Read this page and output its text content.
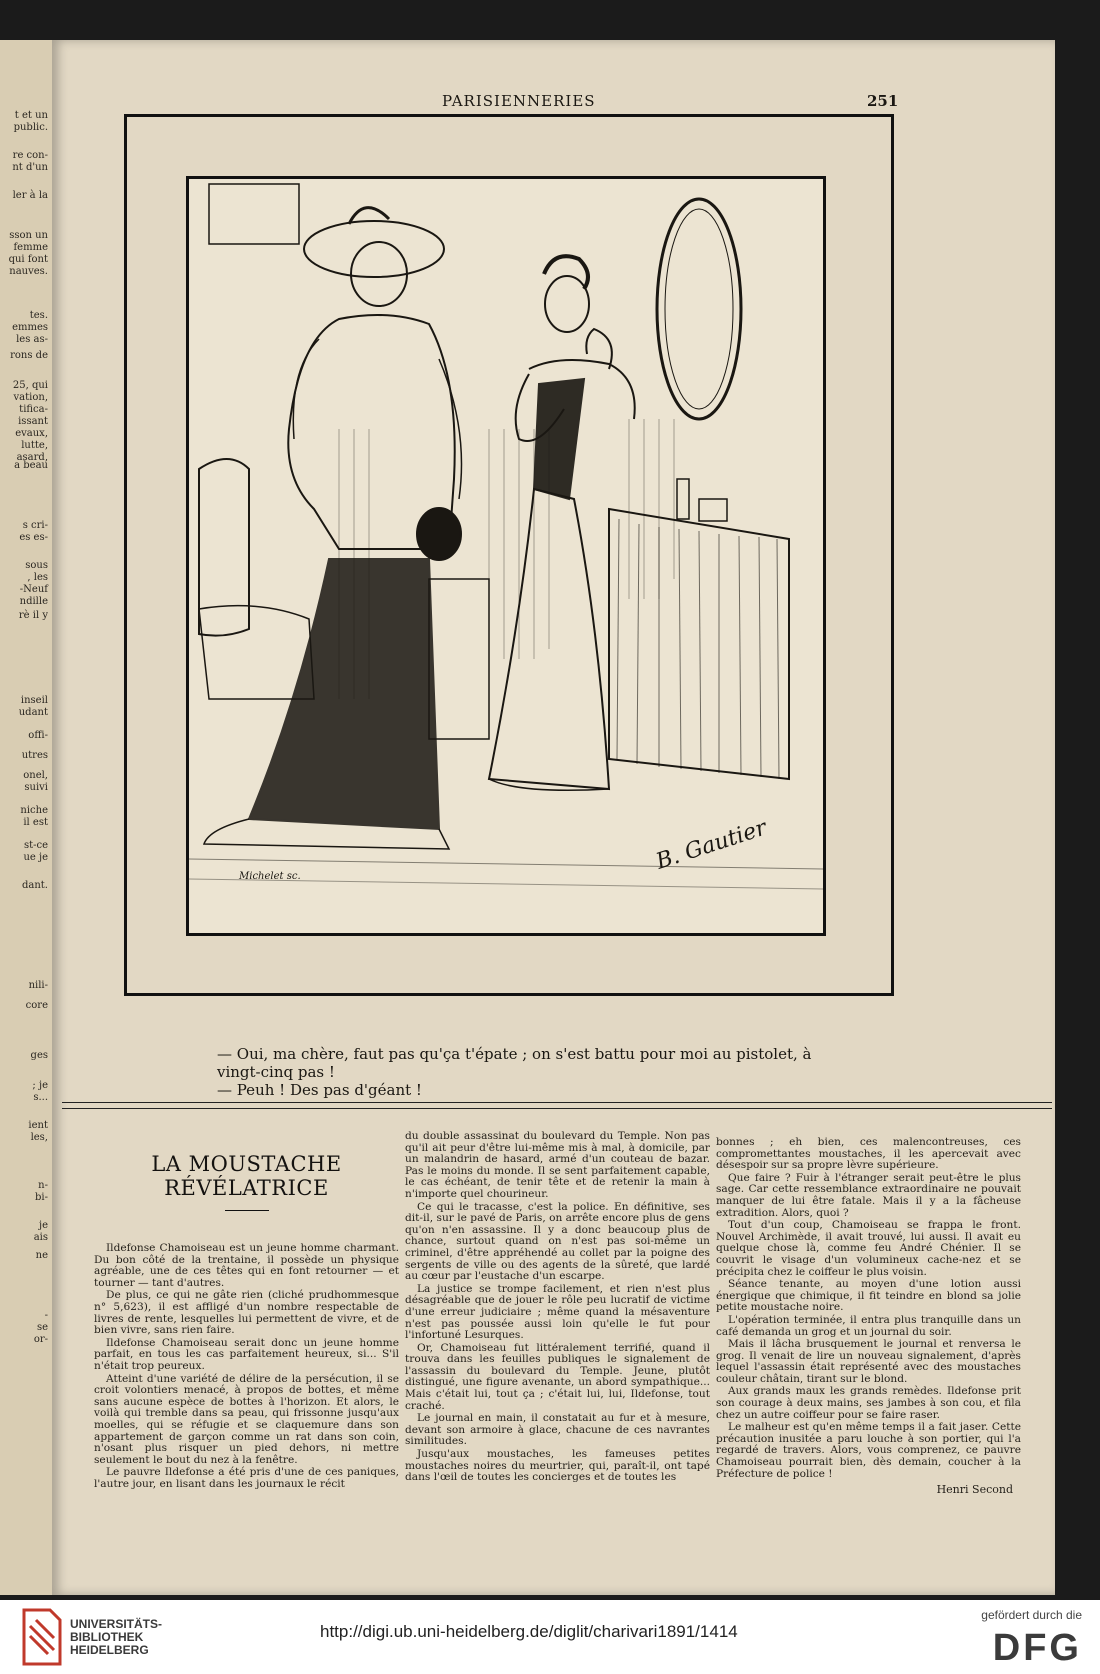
t et un
public.
re con-
nt d'un
ler à la
sson un
femme
qui font
nauves.
tes.
emmes
les as-
rons de
25, qui
vation,
tifica-
issant
evaux,
lutte,
asard,
a beau
s cri-
es es-
sous
, les
-Neuf
ndille
rè il y
inseil
udant
offi-
utres
onel,
suivi
niche
il est
st-ce
ue je
dant.
nili-
core
ges
; je
s...
ient
les,
n-
bi-
je
ais
ne
-
se
or-
PARISIENNERIES	251
Michelet sc.
B. Gautier

— Oui, ma chère, faut pas qu'ça t'épate ; on s'est battu pour moi au pistolet, à vingt-cinq pas !

— Peuh ! Des pas d'géant !

LA MOUSTACHE RÉVÉLATRICE

Ildefonse Chamoiseau est un jeune homme charmant. Du bon côté de la trentaine, il possède un physique agréable, une de ces têtes qui en font retourner — et tourner — tant d'autres.

De plus, ce qui ne gâte rien (cliché prudhommesque n° 5,623), il est affligé d'un nombre respectable de livres de rente, lesquelles lui permettent de vivre, et de bien vivre, sans rien faire.

Ildefonse Chamoiseau serait donc un jeune homme parfait, en tous les cas parfaitement heureux, si... S'il n'était trop peureux.

Atteint d'une variété de délire de la persécution, il se croit volontiers menacé, à propos de bottes, et même sans aucune espèce de bottes à l'horizon. Et alors, le voilà qui tremble dans sa peau, qui frissonne jusqu'aux moelles, qui se réfugie et se claquemure dans son appartement de garçon comme un rat dans son coin, n'osant plus risquer un pied dehors, ni mettre seulement le bout du nez à la fenêtre.

Le pauvre Ildefonse a été pris d'une de ces paniques, l'autre jour, en lisant dans les journaux le récit

du double assassinat du boulevard du Temple. Non pas qu'il ait peur d'être lui-même mis à mal, à domicile, par un malandrin de hasard, armé d'un couteau de bazar. Pas le moins du monde. Il se sent parfaitement capable, le cas échéant, de tenir tête et de retenir la main à n'importe quel chourineur.

Ce qui le tracasse, c'est la police. En définitive, ses dit-il, sur le pavé de Paris, on arrête encore plus de gens qu'on n'en assassine. Il y a donc beaucoup plus de chance, surtout quand on n'est pas soi-même un criminel, d'être appréhendé au collet par la poigne des sergents de ville ou des agents de la sûreté, que lardé au cœur par l'eustache d'un escarpe.

La justice se trompe facilement, et rien n'est plus désagréable que de jouer le rôle peu lucratif de victime d'une erreur judiciaire ; même quand la mésaventure n'est pas poussée aussi loin qu'elle le fut pour l'infortuné Lesurques.

Or, Chamoiseau fut littéralement terrifié, quand il trouva dans les feuilles publiques le signalement de l'assassin du boulevard du Temple. Jeune, plutôt distingué, une figure avenante, un abord sympathique... Mais c'était lui, tout ça ; c'était lui, lui, Ildefonse, tout craché.

Le journal en main, il constatait au fur et à mesure, devant son armoire à glace, chacune de ces navrantes similitudes.

Jusqu'aux moustaches, les fameuses petites moustaches noires du meurtrier, qui, paraît-il, ont tapé dans l'œil de toutes les concierges et de toutes les

bonnes ; eh bien, ces malencontreuses, ces compromettantes moustaches, il les apercevait avec désespoir sur sa propre lèvre supérieure.

Que faire ? Fuir à l'étranger serait peut-être le plus sage. Car cette ressemblance extraordinaire ne pouvait manquer de lui être fatale. Mais il y a la fâcheuse extradition. Alors, quoi ?

Tout d'un coup, Chamoiseau se frappa le front. Nouvel Archimède, il avait trouvé, lui aussi. Il avait eu quelque chose là, comme feu André Chénier. Il se couvrit le visage d'un volumineux cache-nez et se précipita chez le coiffeur le plus voisin.

Séance tenante, au moyen d'une lotion aussi énergique que chimique, il fit teindre en blond sa jolie petite moustache noire.

L'opération terminée, il entra plus tranquille dans un café demanda un grog et un journal du soir.

Mais il lâcha brusquement le journal et renversa le grog. Il venait de lire un nouveau signalement, d'après lequel l'assassin était représenté avec des moustaches couleur châtain, tirant sur le blond.

Aux grands maux les grands remèdes. Ildefonse prit son courage à deux mains, ses jambes à son cou, et fila chez un autre coiffeur pour se faire raser.

Le malheur est qu'en même temps il a fait jaser. Cette précaution inusitée a paru louche à son portier, qui l'a regardé de travers. Alors, vous comprenez, ce pauvre Chamoiseau pourrait bien, dès demain, coucher à la Préfecture de police !

Henri Second
UNIVERSITÄTS-
BIBLIOTHEK
HEIDELBERG
http://digi.ub.uni-heidelberg.de/diglit/charivari1891/1414
gefördert durch die
DFG
